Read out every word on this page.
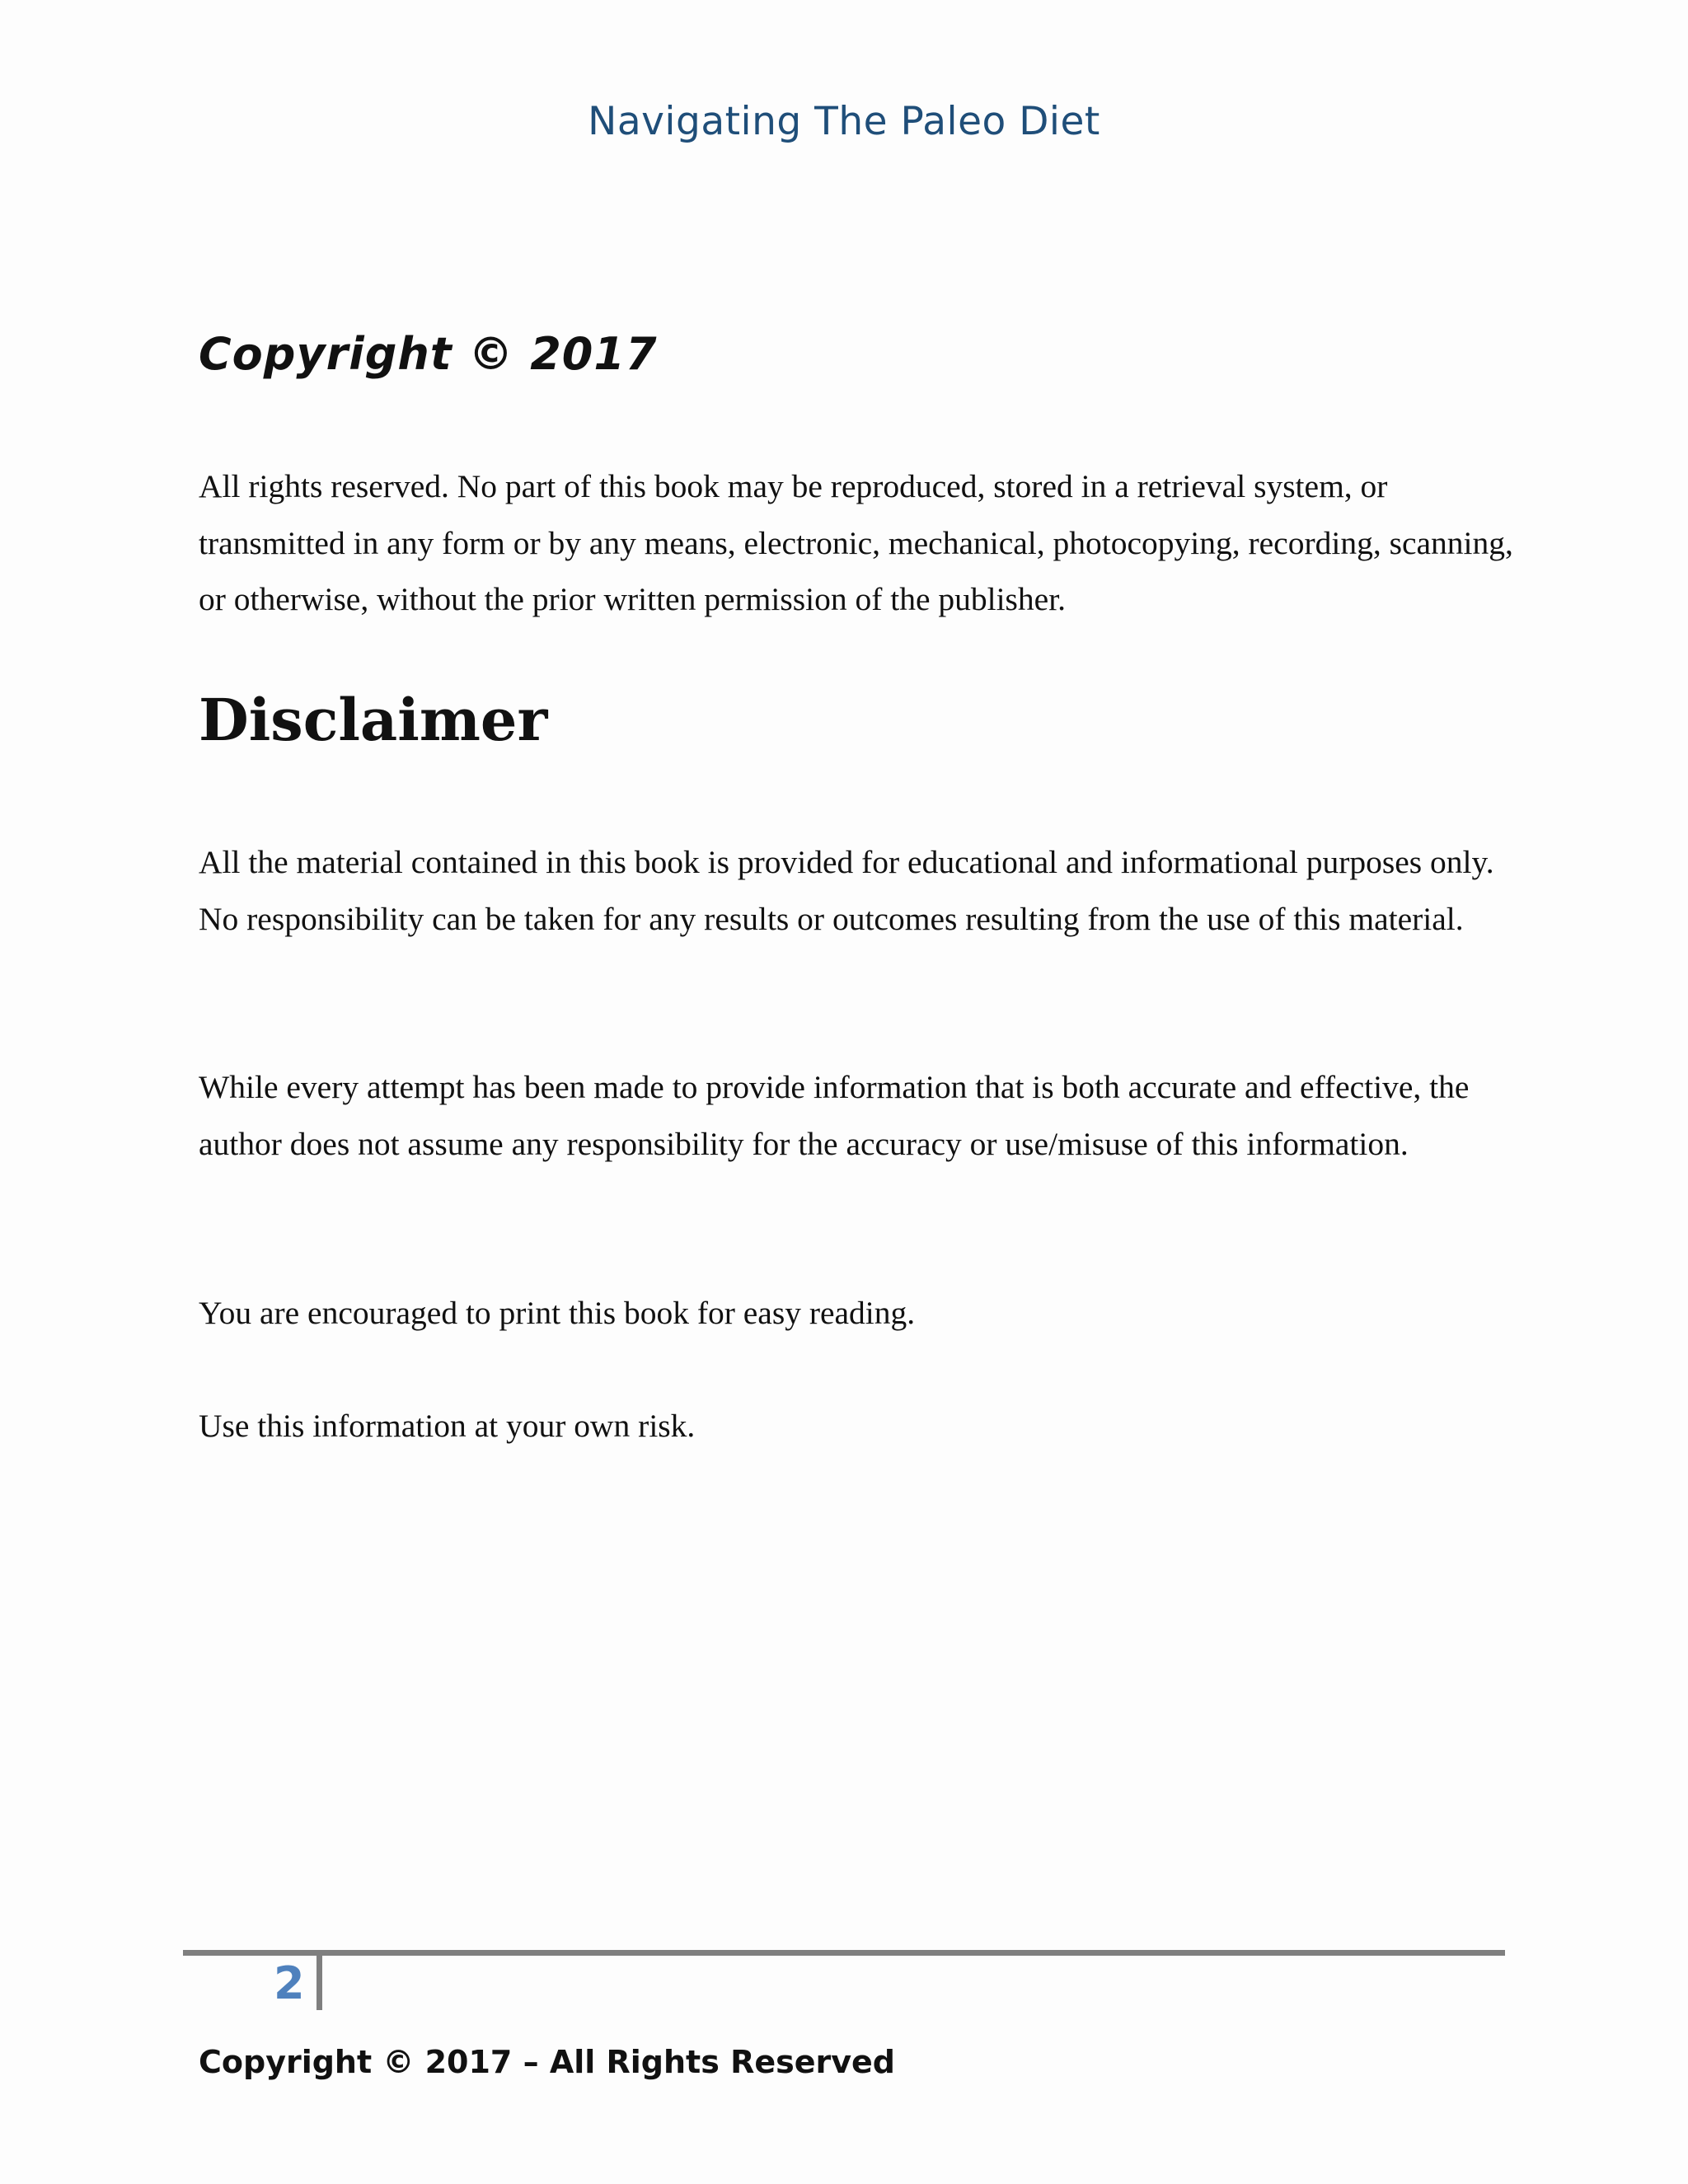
Navigating The Paleo Diet
Copyright © 2017

All rights reserved. No part of this book may be reproduced, stored in a retrieval system, or transmitted in any form or by any means, electronic, mechanical, photocopying, recording, scanning, or otherwise, without the prior written permission of the publisher.

Disclaimer

All the material contained in this book is provided for educational and informational purposes only. No responsibility can be taken for any results or outcomes resulting from the use of this material.

While every attempt has been made to provide information that is both accurate and effective, the author does not assume any responsibility for the accuracy or use/misuse of this information.

You are encouraged to print this book for easy reading.

Use this information at your own risk.

2
Copyright © 2017 – All Rights Reserved
